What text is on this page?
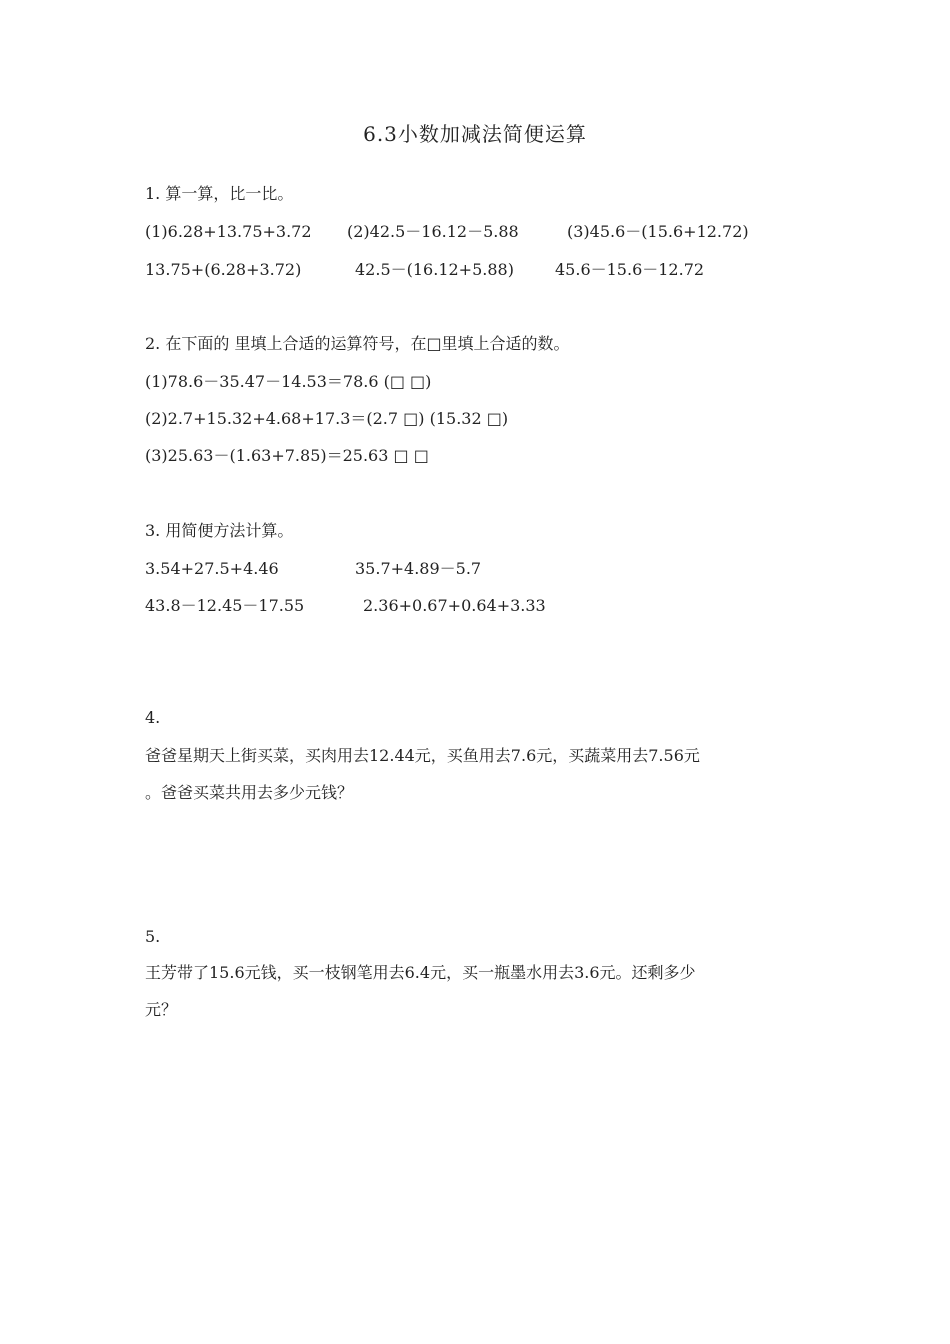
6.3小数加减法简便运算
1. 算一算，比一比。
(1)6.28+13.75+3.72 (2)42.5－16.12－5.88	(3)45.6－(15.6+12.72)
13.75+(6.28+3.72)	42.5－(16.12+5.88)	45.6－15.6－12.72
2. 在下面的 里填上合适的运算符号，在□里填上合适的数。
(1)78.6－35.47－14.53＝78.6 (□ □)
(2)2.7+15.32+4.68+17.3＝(2.7 □) (15.32 □)
(3)25.63－(1.63+7.85)＝25.63 □ □
3. 用简便方法计算。
3.54+27.5+4.46	35.7+4.89－5.7
43.8－12.45－17.55	2.36+0.67+0.64+3.33
4.
爸爸星期天上街买菜，买肉用去12.44元，买鱼用去7.6元，买蔬菜用去7.56元
。爸爸买菜共用去多少元钱？
5.
王芳带了15.6元钱，买一枝钢笔用去6.4元，买一瓶墨水用去3.6元。还剩多少
元？
